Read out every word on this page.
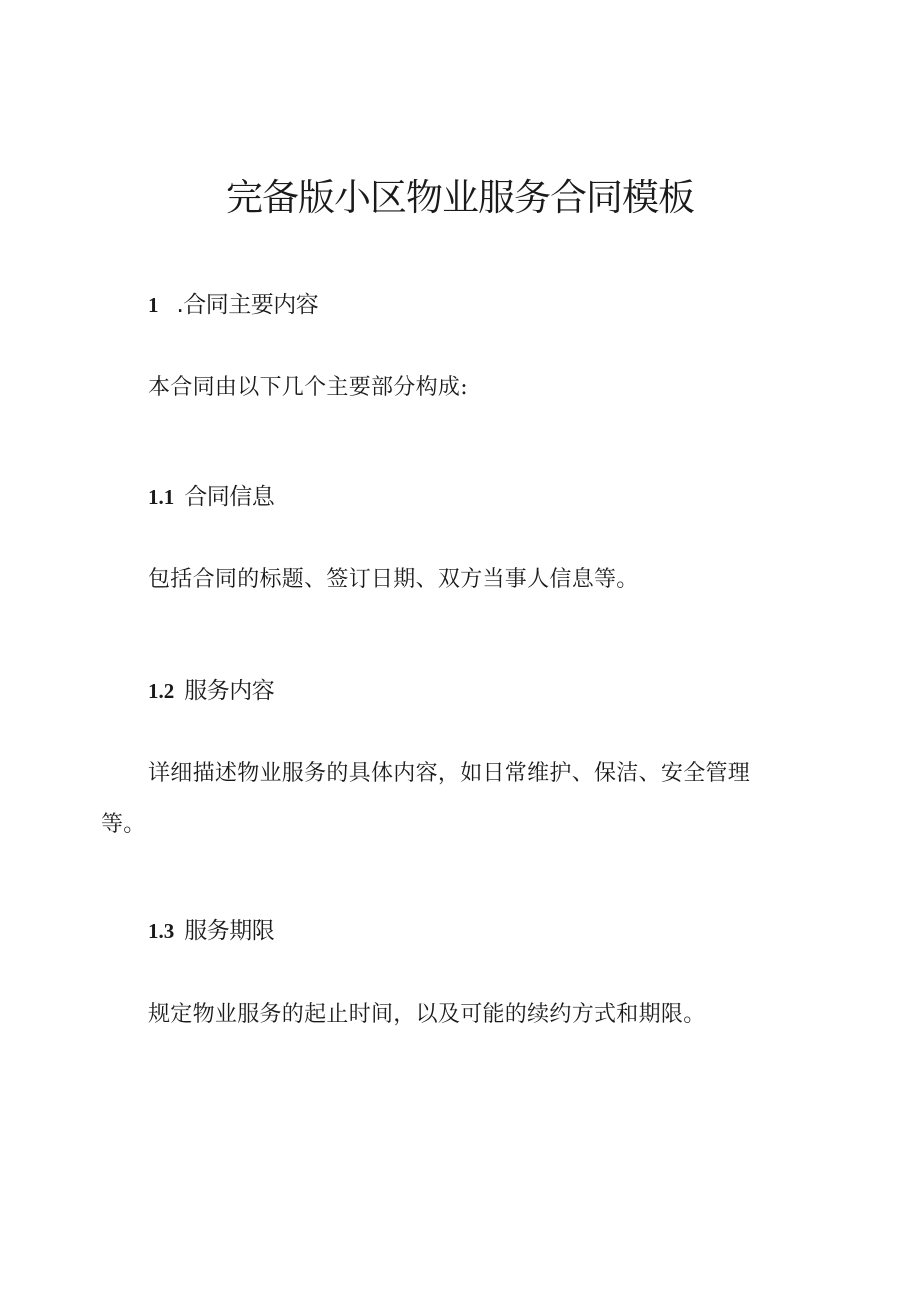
完备版小区物业服务合同模板
1 .合同主要内容
本合同由以下几个主要部分构成:
1.1 合同信息
包括合同的标题、签订日期、双方当事人信息等。
1.2 服务内容
详细描述物业服务的具体内容，如日常维护、保洁、安全管理
等。
1.3 服务期限
规定物业服务的起止时间，以及可能的续约方式和期限。
